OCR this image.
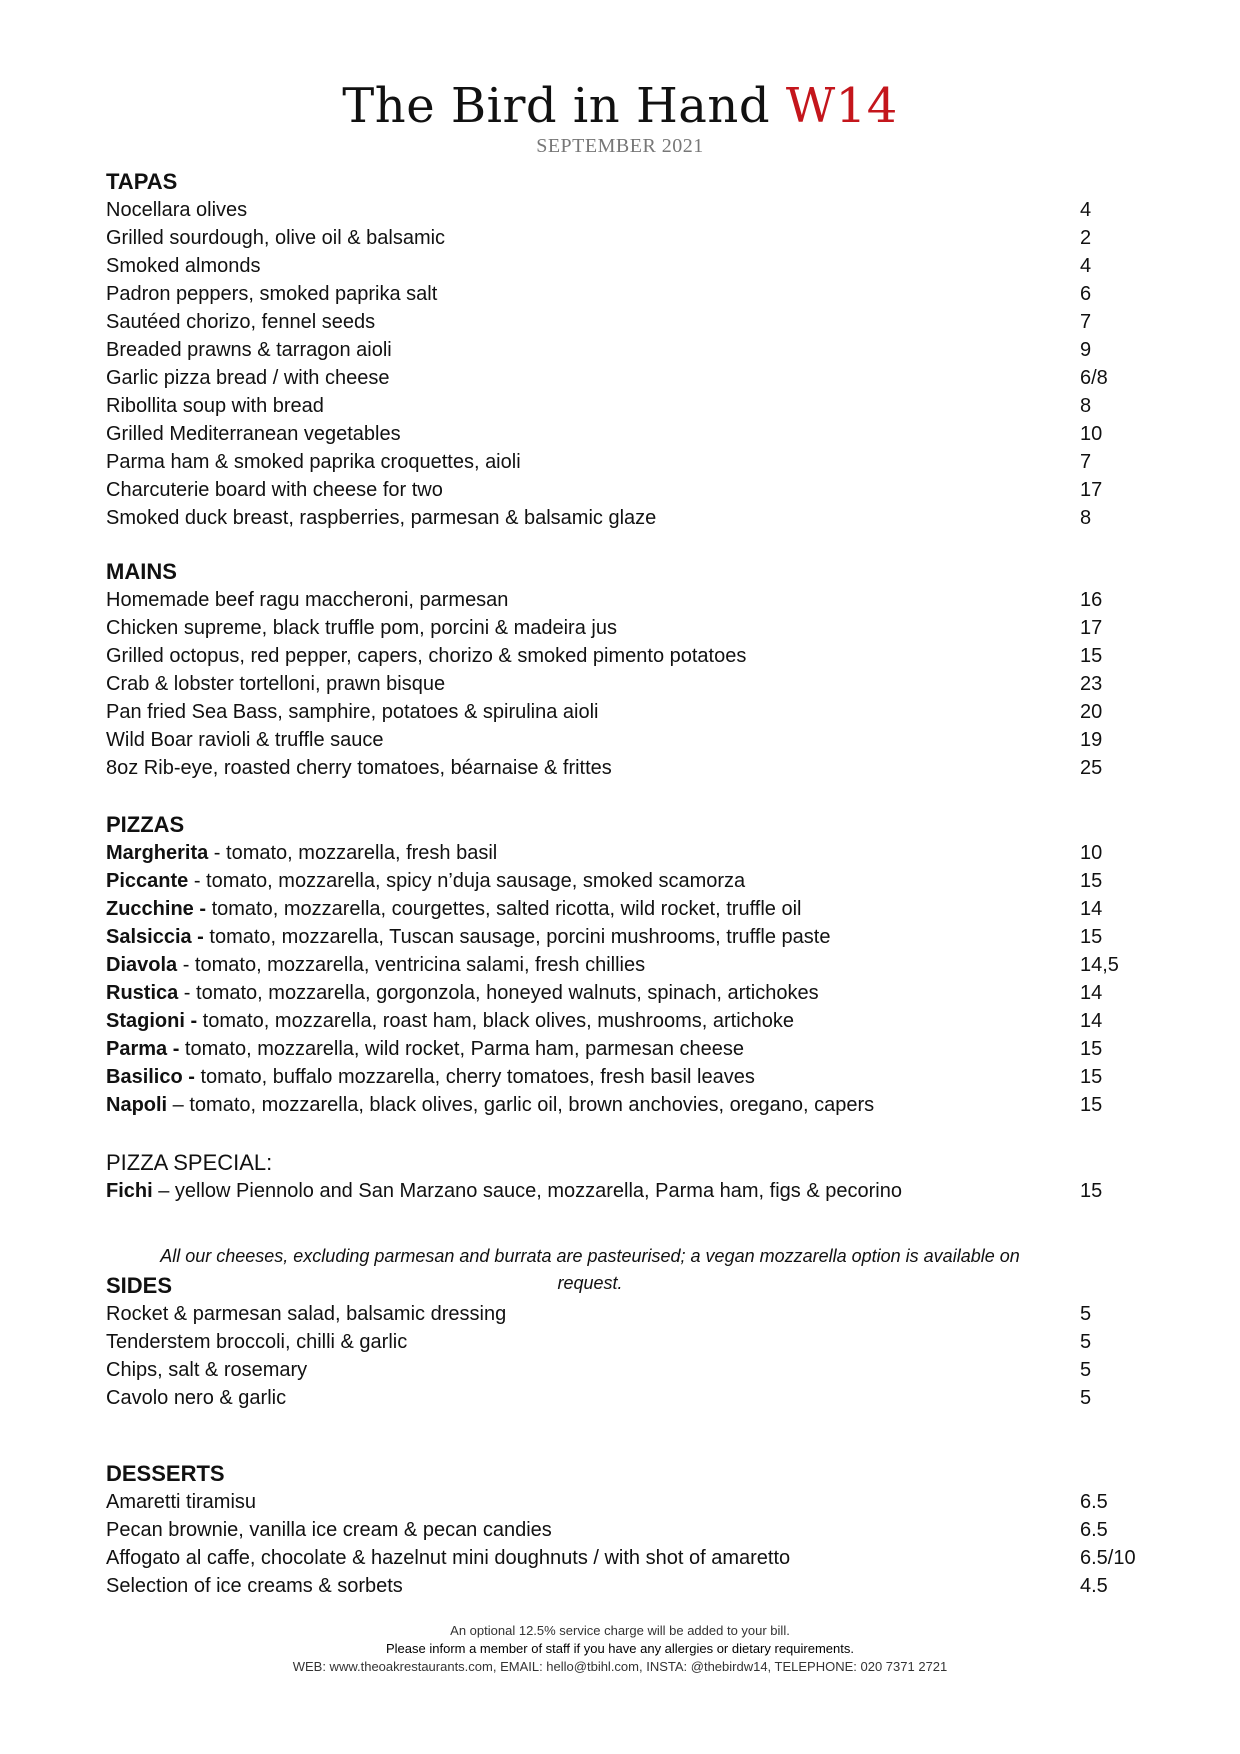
The Bird in Hand W14
SEPTEMBER 2021
TAPAS
Nocellara olives	4
Grilled sourdough, olive oil & balsamic	2
Smoked almonds	4
Padron peppers, smoked paprika salt	6
Sautéed chorizo, fennel seeds	7
Breaded prawns & tarragon aioli	9
Garlic pizza bread / with cheese	6/8
Ribollita soup with bread	8
Grilled Mediterranean vegetables	10
Parma ham & smoked paprika croquettes, aioli	7
Charcuterie board with cheese for two	17
Smoked duck breast, raspberries, parmesan & balsamic glaze	8
MAINS
Homemade beef ragu maccheroni, parmesan	16
Chicken supreme, black truffle pom, porcini & madeira jus	17
Grilled octopus, red pepper, capers, chorizo & smoked pimento potatoes	15
Crab & lobster tortelloni, prawn bisque	23
Pan fried Sea Bass, samphire, potatoes & spirulina aioli	20
Wild Boar ravioli & truffle sauce	19
8oz Rib-eye, roasted cherry tomatoes, béarnaise & frittes	25
PIZZAS
Margherita - tomato, mozzarella, fresh basil	10
Piccante - tomato, mozzarella, spicy n’duja sausage, smoked scamorza	15
Zucchine - tomato, mozzarella, courgettes, salted ricotta, wild rocket, truffle oil	14
Salsiccia - tomato, mozzarella, Tuscan sausage, porcini mushrooms, truffle paste	15
Diavola - tomato, mozzarella, ventricina salami, fresh chillies	14,5
Rustica - tomato, mozzarella, gorgonzola, honeyed walnuts, spinach, artichokes	14
Stagioni - tomato, mozzarella, roast ham, black olives, mushrooms, artichoke	14
Parma - tomato, mozzarella, wild rocket, Parma ham, parmesan cheese	15
Basilico - tomato, buffalo mozzarella, cherry tomatoes, fresh basil leaves	15
Napoli – tomato, mozzarella, black olives, garlic oil, brown anchovies, oregano, capers	15
PIZZA SPECIAL:
Fichi – yellow Piennolo and San Marzano sauce, mozzarella, Parma ham, figs & pecorino	15
SIDES
Rocket & parmesan salad, balsamic dressing	5
Tenderstem broccoli, chilli & garlic	5
Chips, salt & rosemary	5
Cavolo nero & garlic	5
DESSERTS
Amaretti tiramisu	6.5
Pecan brownie, vanilla ice cream & pecan candies	6.5
Affogato al caffe, chocolate & hazelnut mini doughnuts / with shot of amaretto	6.5/10
Selection of ice creams & sorbets	4.5
All our cheeses, excluding parmesan and burrata are pasteurised; a vegan mozzarella option is available on request.
An optional 12.5% service charge will be added to your bill.
Please inform a member of staff if you have any allergies or dietary requirements.
WEB: www.theoakrestaurants.com, EMAIL: hello@tbihl.com, INSTA: @thebirdw14, TELEPHONE: 020 7371 2721
